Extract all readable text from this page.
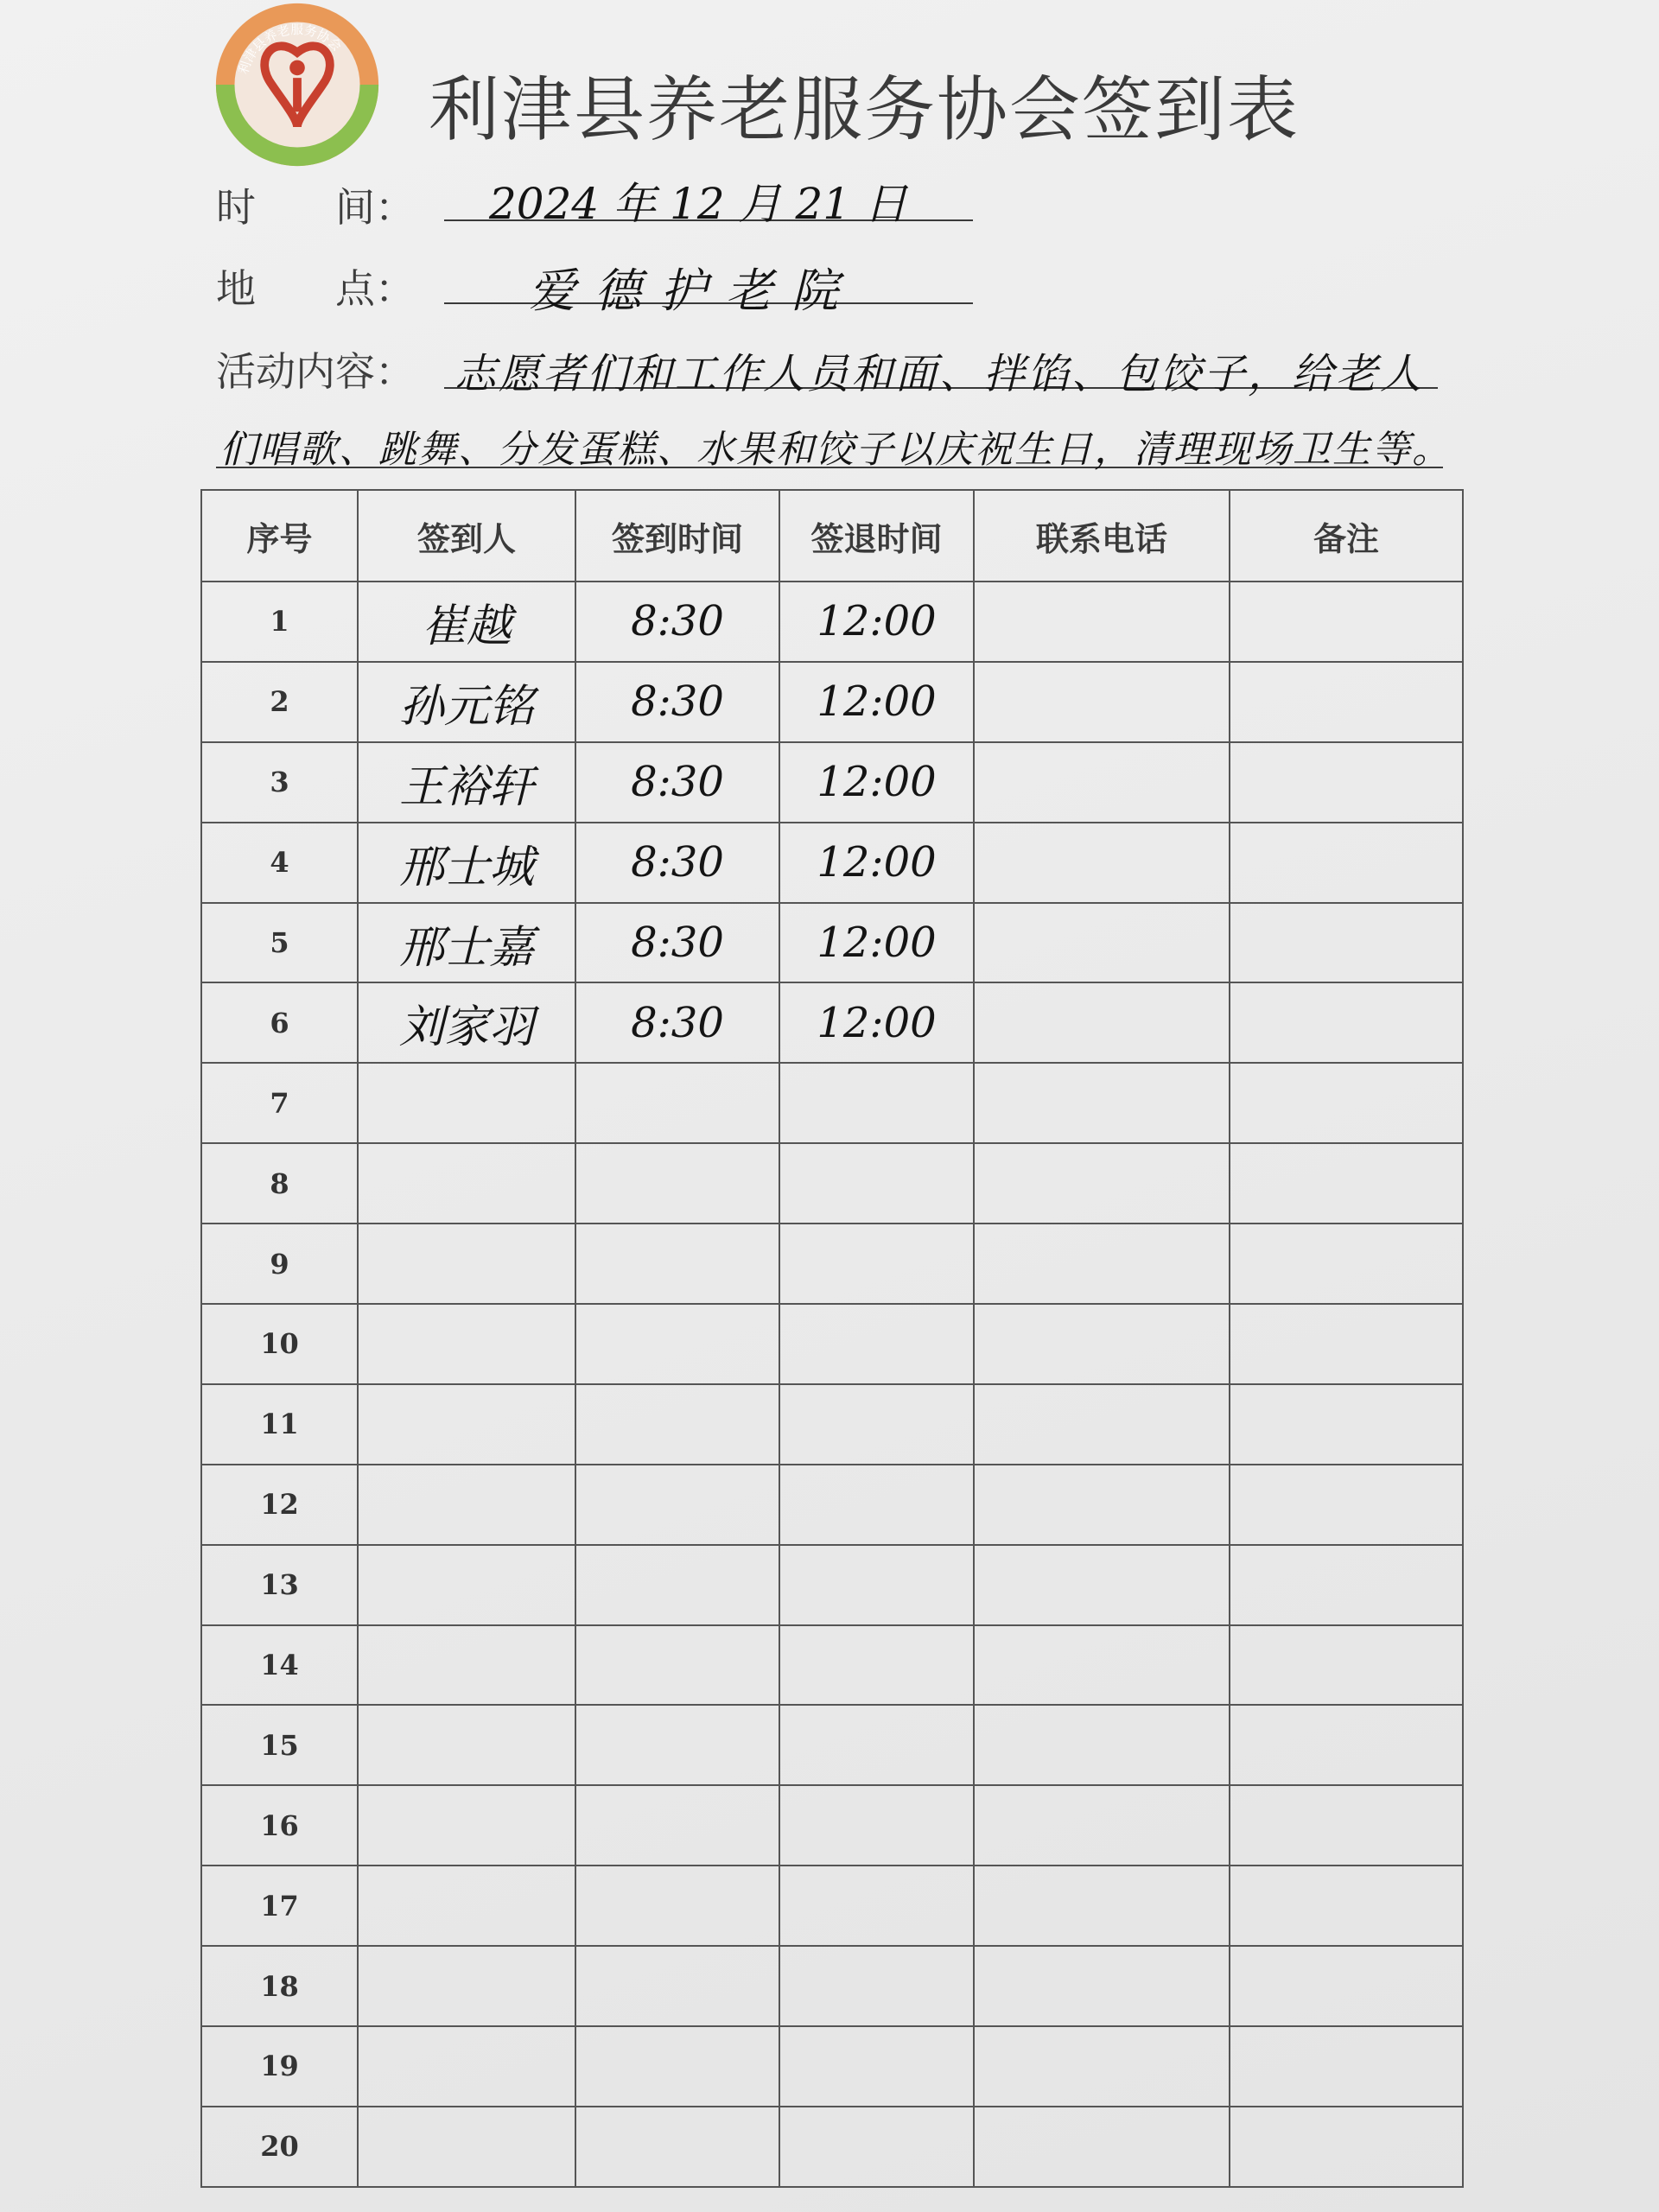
利津县养老服务协会
利津县养老服务协会签到表
时　　间： 2024 年 12 月 21 日
地　　点： 爱德护老院
活动内容： 志愿者们和工作人员和面、拌馅、包饺子，给老人
们唱歌、跳舞、分发蛋糕、水果和饺子以庆祝生日，清理现场卫生等。
序号	签到人	签到时间	签退时间	联系电话	备注
1	崔越	8:30	12:00		
2	孙元铭	8:30	12:00		
3	王裕轩	8:30	12:00		
4	邢士城	8:30	12:00		
5	邢士嘉	8:30	12:00		
6	刘家羽	8:30	12:00		
7					
8					
9					
10					
11					
12					
13					
14					
15					
16					
17					
18					
19					
20					
